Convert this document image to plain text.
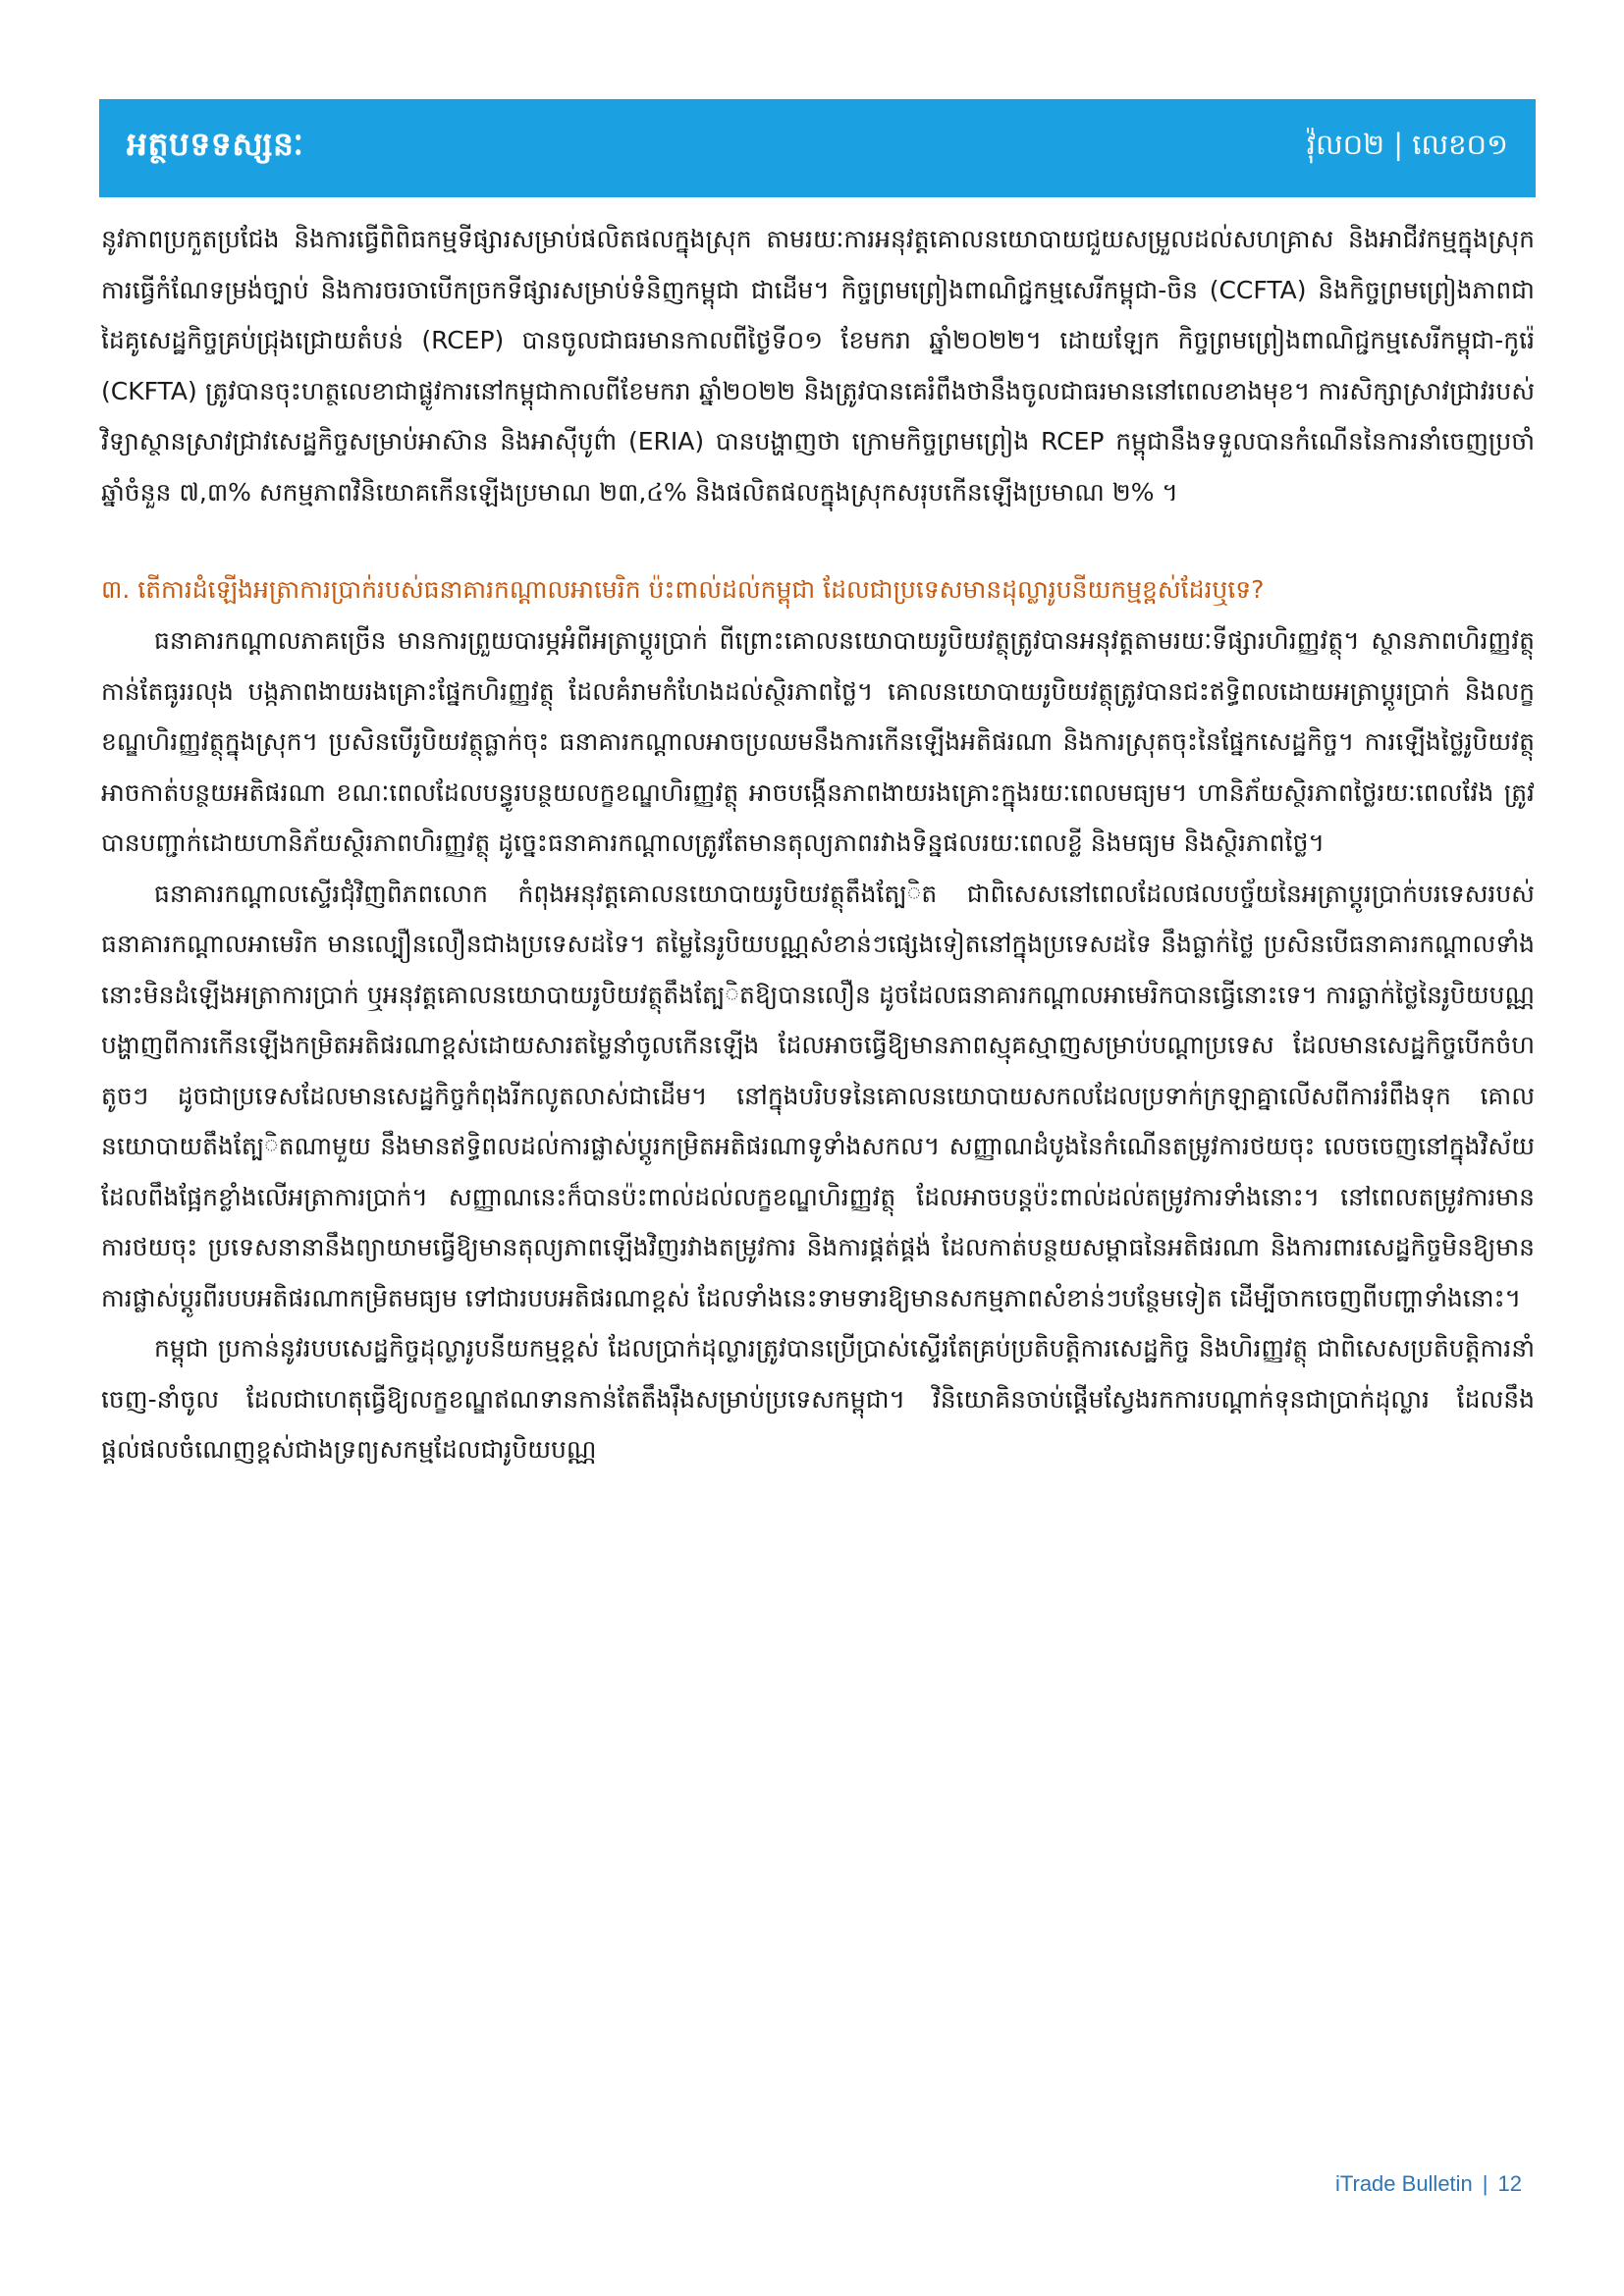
អត្ថបទទស្សនៈ	វ៉ុល០២ | លេខ០១

នូវភាពប្រកួតប្រជែង និងការធ្វើពិពិធកម្មទីផ្សារសម្រាប់ផលិតផលក្នុងស្រុក តាមរយៈការអនុវត្តគោលនយោបាយជួយសម្រួលដល់សហគ្រាស និងអាជីវកម្មក្នុងស្រុក ការធ្វើកំណែទម្រង់ច្បាប់ និងការចរចាបើកច្រកទីផ្សារសម្រាប់ទំនិញកម្ពុជា ជាដើម។ កិច្ចព្រមព្រៀងពាណិជ្ជកម្មសេរីកម្ពុជា-ចិន (CCFTA) និងកិច្ចព្រមព្រៀងភាពជាដៃគូសេដ្ឋកិច្ចគ្រប់ជ្រុងជ្រោយតំបន់ (RCEP) បានចូលជាធរមានកាលពីថ្ងៃទី០១ ខែមករា ឆ្នាំ២០២២។ ដោយឡែក កិច្ចព្រមព្រៀងពាណិជ្ជកម្មសេរីកម្ពុជា-កូរ៉េ (CKFTA) ត្រូវបានចុះហត្ថលេខាជាផ្លូវការនៅកម្ពុជាកាលពីខែមករា ឆ្នាំ២០២២ និងត្រូវបានគេរំពឹងថានឹងចូលជាធរមាននៅពេលខាងមុខ។ ការសិក្សាស្រាវជ្រាវរបស់វិទ្យាស្ថានស្រាវជ្រាវសេដ្ឋកិច្ចសម្រាប់អាស៊ាន និងអាស៊ីបូព៌ា (ERIA) បានបង្ហាញថា ក្រោមកិច្ចព្រមព្រៀង RCEP កម្ពុជានឹងទទួលបានកំណើននៃការនាំចេញប្រចាំឆ្នាំចំនួន ៧,៣% សកម្មភាពវិនិយោគកើនឡើងប្រមាណ ២៣,៤% និងផលិតផលក្នុងស្រុកសរុបកើនឡើងប្រមាណ ២% ។

៣. តើការដំឡើងអត្រាការប្រាក់របស់ធនាគារកណ្តាលអាមេរិក ប៉ះពាល់ដល់កម្ពុជា ដែលជាប្រទេសមានដុល្លារូបនីយកម្មខ្ពស់ដែរឬទេ?

ធនាគារកណ្តាលភាគច្រើន មានការព្រួយបារម្ភអំពីអត្រាប្តូរប្រាក់ ពីព្រោះគោលនយោបាយរូបិយវត្ថុត្រូវបានអនុវត្តតាមរយៈទីផ្សារហិរញ្ញវត្ថុ។ ស្ថានភាពហិរញ្ញវត្ថុកាន់តែធូររលុង បង្កភាពងាយរងគ្រោះផ្នែកហិរញ្ញវត្ថុ ដែលគំរាមកំហែងដល់ស្ថិរភាពថ្លៃ។ គោលនយោបាយរូបិយវត្ថុត្រូវបានជះឥទ្ធិពលដោយអត្រាប្តូរប្រាក់ និងលក្ខខណ្ឌហិរញ្ញវត្ថុក្នុងស្រុក។ ប្រសិនបើរូបិយវត្ថុធ្លាក់ចុះ ធនាគារកណ្តាលអាចប្រឈមនឹងការកើនឡើងអតិផរណា និងការស្រុតចុះនៃផ្នែកសេដ្ឋកិច្ច។ ការឡើងថ្លៃរូបិយវត្ថុអាចកាត់បន្ថយអតិផរណា ខណៈពេលដែលបន្ធូរបន្ថយលក្ខខណ្ឌហិរញ្ញវត្ថុ អាចបង្កើនភាពងាយរងគ្រោះក្នុងរយៈពេលមធ្យម។ ហានិភ័យស្ថិរភាពថ្លៃរយៈពេលវែង ត្រូវបានបញ្ជាក់ដោយហានិភ័យស្ថិរភាពហិរញ្ញវត្ថុ ដូច្នេះធនាគារកណ្តាលត្រូវតែមានតុល្យភាពរវាងទិន្នផលរយៈពេលខ្លី និងមធ្យម និងស្ថិរភាពថ្លៃ។

ធនាគារកណ្តាលស្ទើរជុំវិញពិភពលោក កំពុងអនុវត្តគោលនយោបាយរូបិយវត្ថុតឹងតែ្បិត ជាពិសេសនៅពេលដែលផលបច្ច័យនៃអត្រាប្តូរប្រាក់បរទេសរបស់ធនាគារកណ្តាលអាមេរិក មានល្បឿនលឿនជាងប្រទេសដទៃ។ តម្លៃនៃរូបិយបណ្ណសំខាន់ៗផ្សេងទៀតនៅក្នុងប្រទេសដទៃ នឹងធ្លាក់ថ្លៃ ប្រសិនបើធនាគារកណ្តាលទាំងនោះមិនដំឡើងអត្រាការប្រាក់ ឬអនុវត្តគោលនយោបាយរូបិយវត្ថុតឹងតែ្បិតឱ្យបានលឿន ដូចដែលធនាគារកណ្តាលអាមេរិកបានធ្វើនោះទេ។ ការធ្លាក់ថ្លៃនៃរូបិយបណ្ណ បង្ហាញពីការកើនឡើងកម្រិតអតិផរណាខ្ពស់ដោយសារតម្លៃនាំចូលកើនឡើង ដែលអាចធ្វើឱ្យមានភាពស្មុគស្មាញសម្រាប់បណ្តាប្រទេស ដែលមានសេដ្ឋកិច្ចបើកចំហតូចៗ ដូចជាប្រទេសដែលមានសេដ្ឋកិច្ចកំពុងរីកលូតលាស់ជាដើម។ នៅក្នុងបរិបទនៃគោលនយោបាយសកលដែលប្រទាក់ក្រឡាគ្នាលើសពីការរំពឹងទុក គោលនយោបាយតឹងតែ្បិតណាមួយ នឹងមានឥទ្ធិពលដល់ការផ្លាស់ប្តូរកម្រិតអតិផរណាទូទាំងសកល។ សញ្ញាណដំបូងនៃកំណើនតម្រូវការថយចុះ លេចចេញនៅក្នុងវិស័យដែលពឹងផ្អែកខ្លាំងលើអត្រាការប្រាក់។ សញ្ញាណនេះក៏បានប៉ះពាល់ដល់លក្ខខណ្ឌហិរញ្ញវត្ថុ ដែលអាចបន្តប៉ះពាល់ដល់តម្រូវការទាំងនោះ។ នៅពេលតម្រូវការមានការថយចុះ ប្រទេសនានានឹងព្យាយាមធ្វើឱ្យមានតុល្យភាពឡើងវិញរវាងតម្រូវការ និងការផ្គត់ផ្គង់ ដែលកាត់បន្ថយសម្ពាធនៃអតិផរណា និងការពារសេដ្ឋកិច្ចមិនឱ្យមានការផ្លាស់ប្តូរពីរបបអតិផរណាកម្រិតមធ្យម ទៅជារបបអតិផរណាខ្ពស់ ដែលទាំងនេះទាមទារឱ្យមានសកម្មភាពសំខាន់ៗបន្ថែមទៀត ដើម្បីចាកចេញពីបញ្ហាទាំងនោះ។

កម្ពុជា ប្រកាន់នូវរបបសេដ្ឋកិច្ចដុល្លារូបនីយកម្មខ្ពស់ ដែលប្រាក់ដុល្លារត្រូវបានប្រើប្រាស់ស្ទើរតែគ្រប់ប្រតិបត្តិការសេដ្ឋកិច្ច និងហិរញ្ញវត្ថុ ជាពិសេសប្រតិបត្តិការនាំចេញ-នាំចូល ដែលជាហេតុធ្វើឱ្យលក្ខខណ្ឌឥណទានកាន់តែតឹងរ៉ឹងសម្រាប់ប្រទេសកម្ពុជា។ វិនិយោគិនចាប់ផ្តើមស្វែងរកការបណ្តាក់ទុនជាប្រាក់ដុល្លារ ដែលនឹងផ្តល់ផលចំណេញខ្ពស់ជាងទ្រព្យសកម្មដែលជារូបិយបណ្ណ

iTrade Bulletin | 12
